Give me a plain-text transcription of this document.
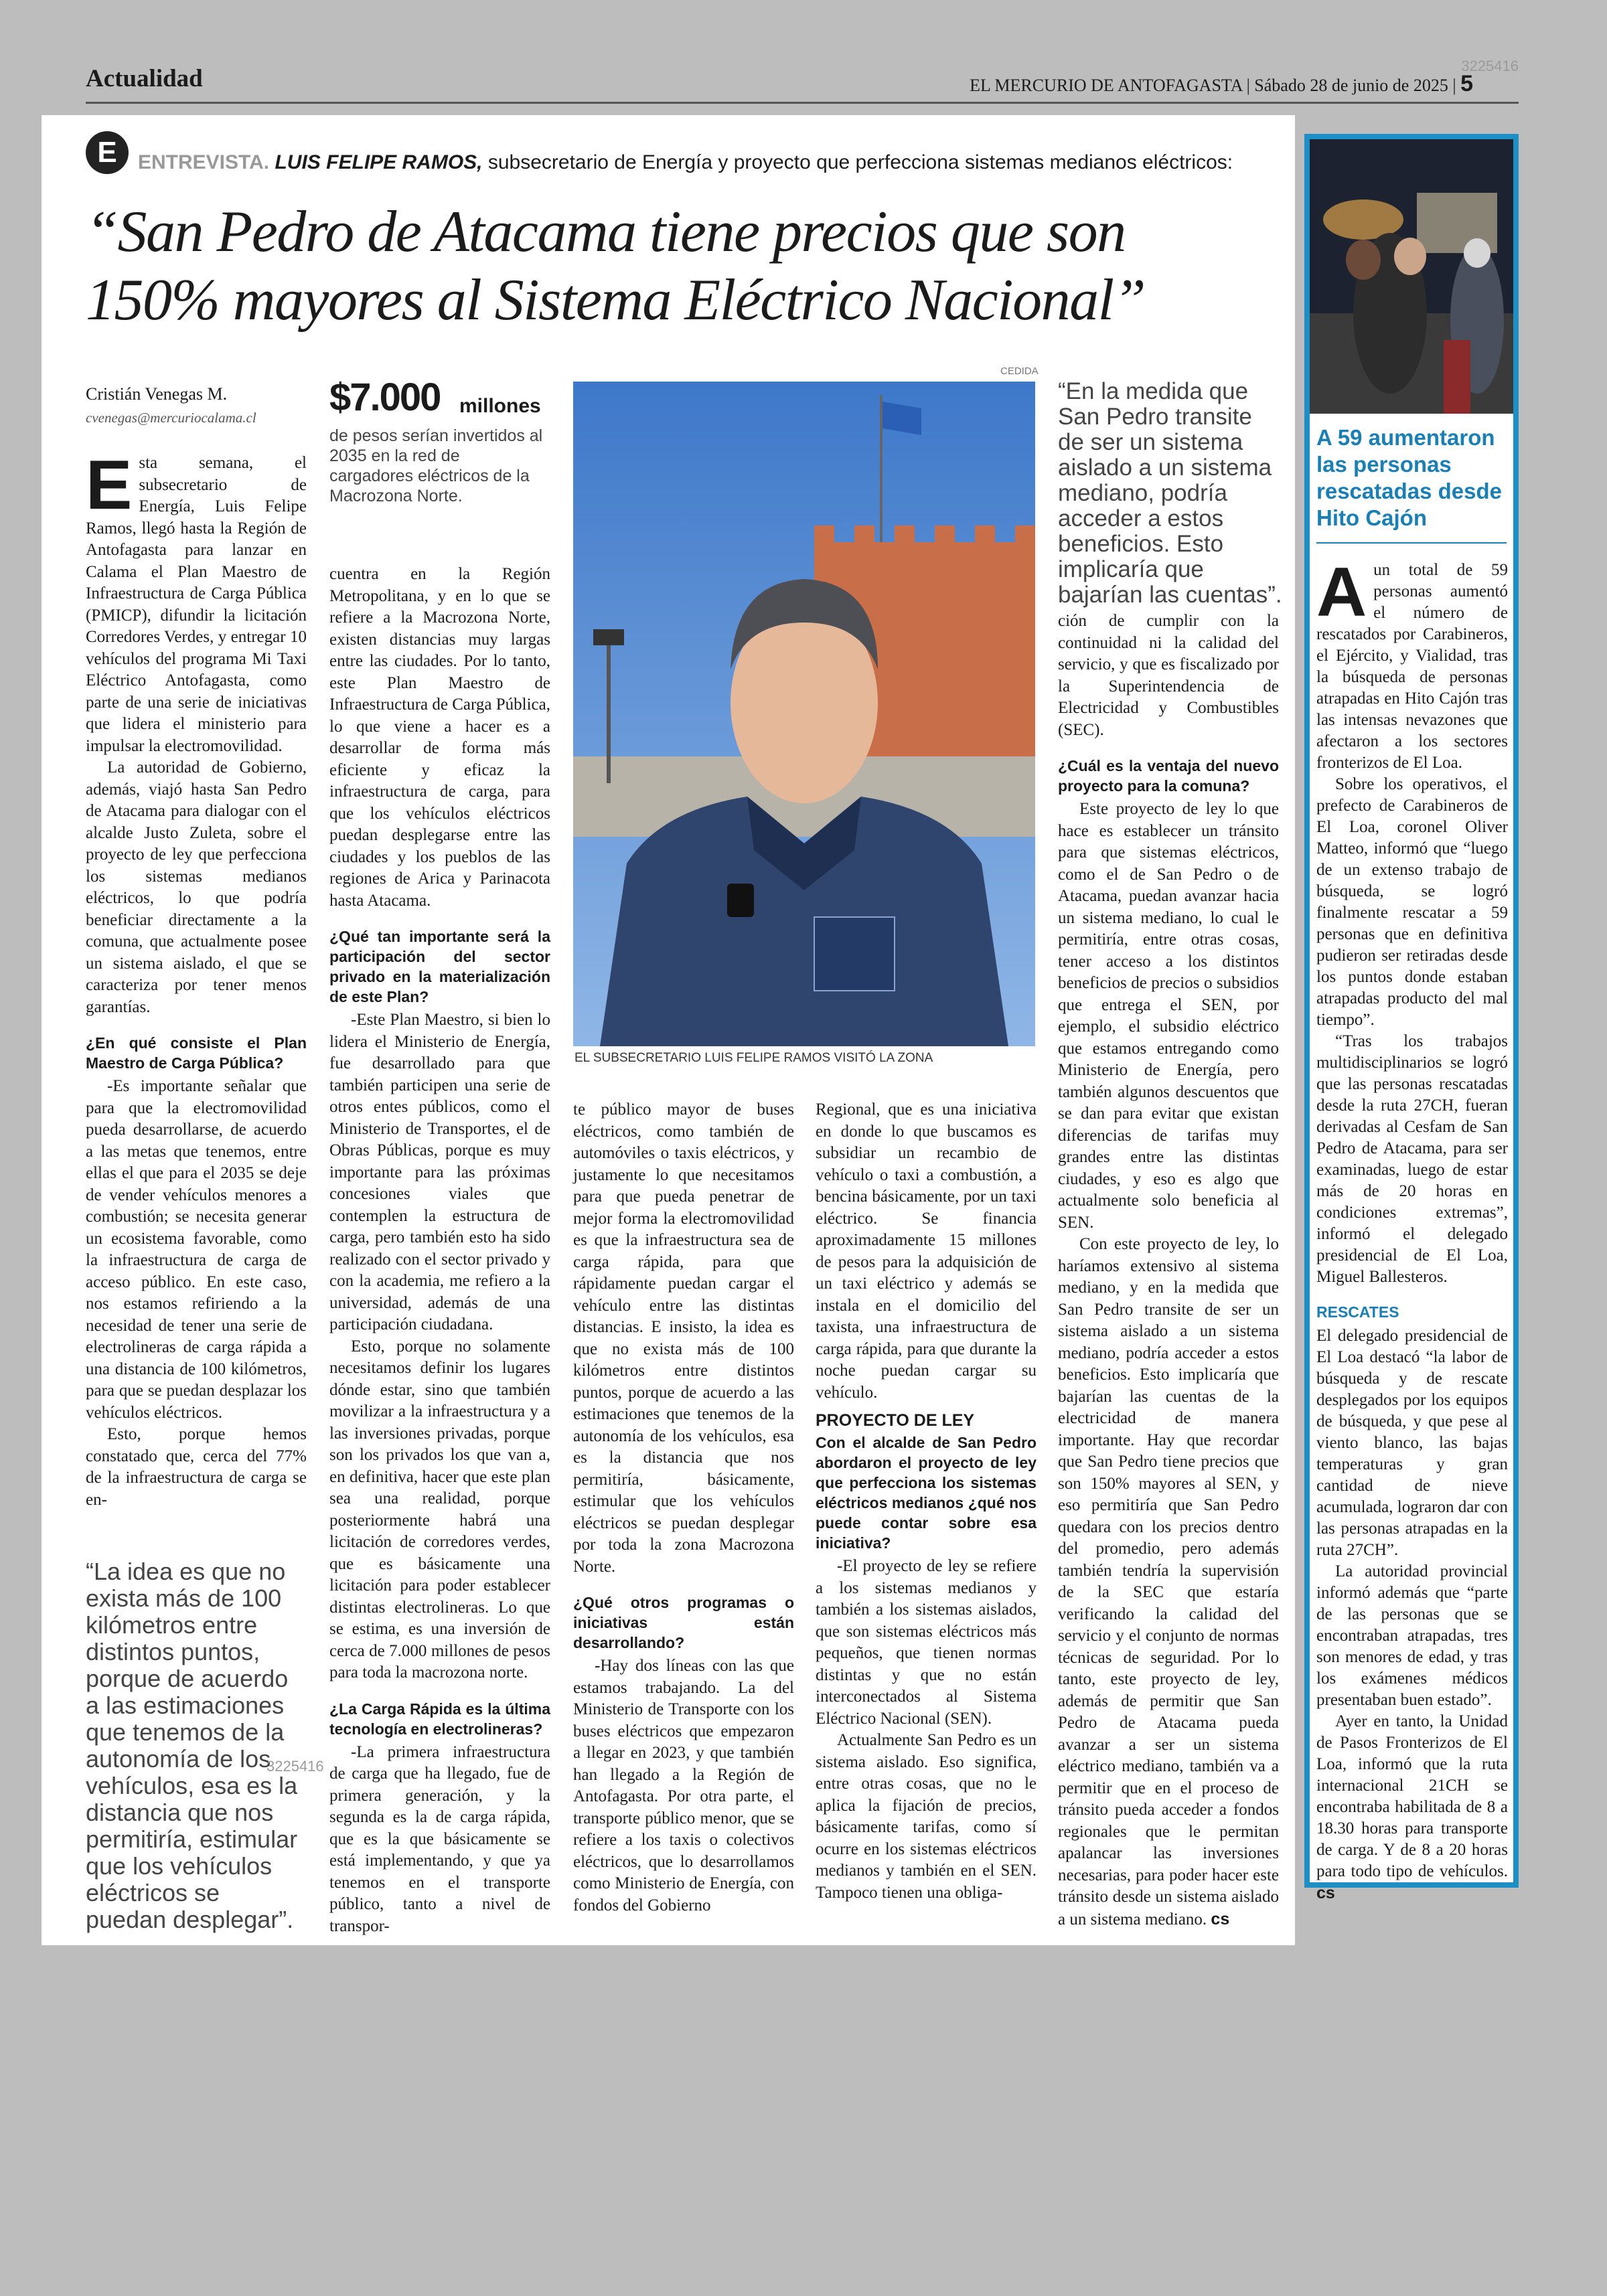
Actualidad	3225416
EL MERCURIO DE ANTOFAGASTA | Sábado 28 de junio de 2025 | 5
E	ENTREVISTA. LUIS FELIPE RAMOS, subsecretario de Energía y proyecto que perfecciona sistemas medianos eléctricos:
“San Pedro de Atacama tiene precios que son
150% mayores al Sistema Eléctrico Nacional”
Cristián Venegas M.
cvenegas@mercuriocalama.cl $7.000 millones
de pesos serían invertidos al 2035 en la red de cargadores eléctricos de la Macrozona Norte.

Esta semana, el subsecretario de Energía, Luis Felipe Ramos, llegó hasta la Región de Antofagasta para lanzar en Calama el Plan Maestro de Infraestructura de Carga Pública (PMICP), difundir la licitación Corredores Verdes, y entregar 10 vehículos del programa Mi Taxi Eléctrico Antofagasta, como parte de una serie de iniciativas que lidera el ministerio para impulsar la electromovilidad.

La autoridad de Gobierno, además, viajó hasta San Pedro de Atacama para dialogar con el alcalde Justo Zuleta, sobre el proyecto de ley que perfecciona los sistemas medianos eléctricos, lo que podría beneficiar directamente a la comuna, que actualmente posee un sistema aislado, el que se caracteriza por tener menos garantías.

¿En qué consiste el Plan Maestro de Carga Pública?

-Es importante señalar que para que la electromovilidad pueda desarrollarse, de acuerdo a las metas que tenemos, entre ellas el que para el 2035 se deje de vender vehículos menores a combustión; se necesita generar un ecosistema favorable, como la infraestructura de carga de acceso público. En este caso, nos estamos refiriendo a la necesidad de tener una serie de electrolineras de carga rápida a una distancia de 100 kilómetros, para que se puedan desplazar los vehículos eléctricos.

Esto, porque hemos constatado que, cerca del 77% de la infraestructura de carga se en-

“La idea es que no exista más de 100 kilómetros entre distintos puntos, porque de acuerdo a las estimaciones que tenemos de la autonomía de los vehículos, esa es la distancia que nos permitiría, estimular que los vehículos eléctricos se puedan desplegar”.
3225416

cuentra en la Región Metropolitana, y en lo que se refiere a la Macrozona Norte, existen distancias muy largas entre las ciudades. Por lo tanto, este Plan Maestro de Infraestructura de Carga Pública, lo que viene a hacer es a desarrollar de forma más eficiente y eficaz la infraestructura de carga, para que los vehículos eléctricos puedan desplegarse entre las ciudades y los pueblos de las regiones de Arica y Parinacota hasta Atacama.

¿Qué tan importante será la participación del sector privado en la materialización de este Plan?

-Este Plan Maestro, si bien lo lidera el Ministerio de Energía, fue desarrollado para que también participen una serie de otros entes públicos, como el Ministerio de Transportes, el de Obras Públicas, porque es muy importante para las próximas concesiones viales que contemplen la estructura de carga, pero también esto ha sido realizado con el sector privado y con la academia, me refiero a la universidad, además de una participación ciudadana.

Esto, porque no solamente necesitamos definir los lugares dónde estar, sino que también movilizar a la infraestructura y a las inversiones privadas, porque son los privados los que van a, en definitiva, hacer que este plan sea una realidad, porque posteriormente habrá una licitación de corredores verdes, que es básicamente una licitación para poder establecer distintas electrolineras. Lo que se estima, es una inversión de cerca de 7.000 millones de pesos para toda la macrozona norte.

¿La Carga Rápida es la última tecnología en electrolineras?

-La primera infraestructura de carga que ha llegado, fue de primera generación, y la segunda es la de carga rápida, que es la que básicamente se está implementando, y que ya tenemos en el transporte público, tanto a nivel de transpor-

CEDIDA
EL SUBSECRETARIO LUIS FELIPE RAMOS VISITÓ LA ZONA

te público mayor de buses eléctricos, como también de automóviles o taxis eléctricos, y justamente lo que necesitamos para que pueda penetrar de mejor forma la electromovilidad es que la infraestructura sea de carga rápida, para que rápidamente puedan cargar el vehículo entre las distintas distancias. E insisto, la idea es que no exista más de 100 kilómetros entre distintos puntos, porque de acuerdo a las estimaciones que tenemos de la autonomía de los vehículos, esa es la distancia que nos permitiría, básicamente, estimular que los vehículos eléctricos se puedan desplegar por toda la zona Macrozona Norte.

¿Qué otros programas o iniciativas están desarrollando?

-Hay dos líneas con las que estamos trabajando. La del Ministerio de Transporte con los buses eléctricos que empezaron a llegar en 2023, y que también han llegado a la Región de Antofagasta. Por otra parte, el transporte público menor, que se refiere a los taxis o colectivos eléctricos, que lo desarrollamos como Ministerio de Energía, con fondos del Gobierno

Regional, que es una iniciativa en donde lo que buscamos es subsidiar un recambio de vehículo o taxi a combustión, a bencina básicamente, por un taxi eléctrico. Se financia aproximadamente 15 millones de pesos para la adquisición de un taxi eléctrico y además se instala en el domicilio del taxista, una infraestructura de carga rápida, para que durante la noche puedan cargar su vehículo.

PROYECTO DE LEY

Con el alcalde de San Pedro abordaron el proyecto de ley que perfecciona los sistemas eléctricos medianos ¿qué nos puede contar sobre esa iniciativa?

-El proyecto de ley se refiere a los sistemas medianos y también a los sistemas aislados, que son sistemas eléctricos más pequeños, que tienen normas distintas y que no están interconectados al Sistema Eléctrico Nacional (SEN).

Actualmente San Pedro es un sistema aislado. Eso significa, entre otras cosas, que no le aplica la fijación de precios, básicamente tarifas, como sí ocurre en los sistemas eléctricos medianos y también en el SEN. Tampoco tienen una obliga-

“En la medida que San Pedro transite de ser un sistema aislado a un sistema mediano, podría acceder a estos beneficios. Esto implicaría que bajarían las cuentas”.

ción de cumplir con la continuidad ni la calidad del servicio, y que es fiscalizado por la Superintendencia de Electricidad y Combustibles (SEC).

¿Cuál es la ventaja del nuevo proyecto para la comuna?

Este proyecto de ley lo que hace es establecer un tránsito para que sistemas eléctricos, como el de San Pedro o de Atacama, puedan avanzar hacia un sistema mediano, lo cual le permitiría, entre otras cosas, tener acceso a los distintos beneficios de precios o subsidios que entrega el SEN, por ejemplo, el subsidio eléctrico que estamos entregando como Ministerio de Energía, pero también algunos descuentos que se dan para evitar que existan diferencias de tarifas muy grandes entre las distintas ciudades, y eso es algo que actualmente solo beneficia al SEN.

Con este proyecto de ley, lo haríamos extensivo al sistema mediano, y en la medida que San Pedro transite de ser un sistema aislado a un sistema mediano, podría acceder a estos beneficios. Esto implicaría que bajarían las cuentas de la electricidad de manera importante. Hay que recordar que San Pedro tiene precios que son 150% mayores al SEN, y eso permitiría que San Pedro quedara con los precios dentro del promedio, pero además también tendría la supervisión de la SEC que estaría verificando la calidad del servicio y el conjunto de normas técnicas de seguridad. Por lo tanto, este proyecto de ley, además de permitir que San Pedro de Atacama pueda avanzar a ser un sistema eléctrico mediano, también va a permitir que en el proceso de tránsito pueda acceder a fondos regionales que le permitan apalancar las inversiones necesarias, para poder hacer este tránsito desde un sistema aislado a un sistema mediano. cs

A 59 aumentaron las personas rescatadas desde Hito Cajón

Aun total de 59 personas aumentó el número de rescatados por Carabineros, el Ejército, y Vialidad, tras la búsqueda de personas atrapadas en Hito Cajón tras las intensas nevazones que afectaron a los sectores fronterizos de El Loa.

Sobre los operativos, el prefecto de Carabineros de El Loa, coronel Oliver Matteo, informó que “luego de un extenso trabajo de búsqueda, se logró finalmente rescatar a 59 personas que en definitiva pudieron ser retiradas desde los puntos donde estaban atrapadas producto del mal tiempo”.

“Tras los trabajos multidisciplinarios se logró que las personas rescatadas desde la ruta 27CH, fueran derivadas al Cesfam de San Pedro de Atacama, para ser examinadas, luego de estar más de 20 horas en condiciones extremas”, informó el delegado presidencial de El Loa, Miguel Ballesteros.

RESCATES

El delegado presidencial de El Loa destacó “la labor de búsqueda y de rescate desplegados por los equipos de búsqueda, y que pese al viento blanco, las bajas temperaturas y gran cantidad de nieve acumulada, lograron dar con las personas atrapadas en la ruta 27CH”.

La autoridad provincial informó además que “parte de las personas que se encontraban atrapadas, tres son menores de edad, y tras los exámenes médicos presentaban buen estado”.

Ayer en tanto, la Unidad de Pasos Fronterizos de El Loa, informó que la ruta internacional 21CH se encontraba habilitada de 8 a 18.30 horas para transporte de carga. Y de 8 a 20 horas para todo tipo de vehículos. cs
